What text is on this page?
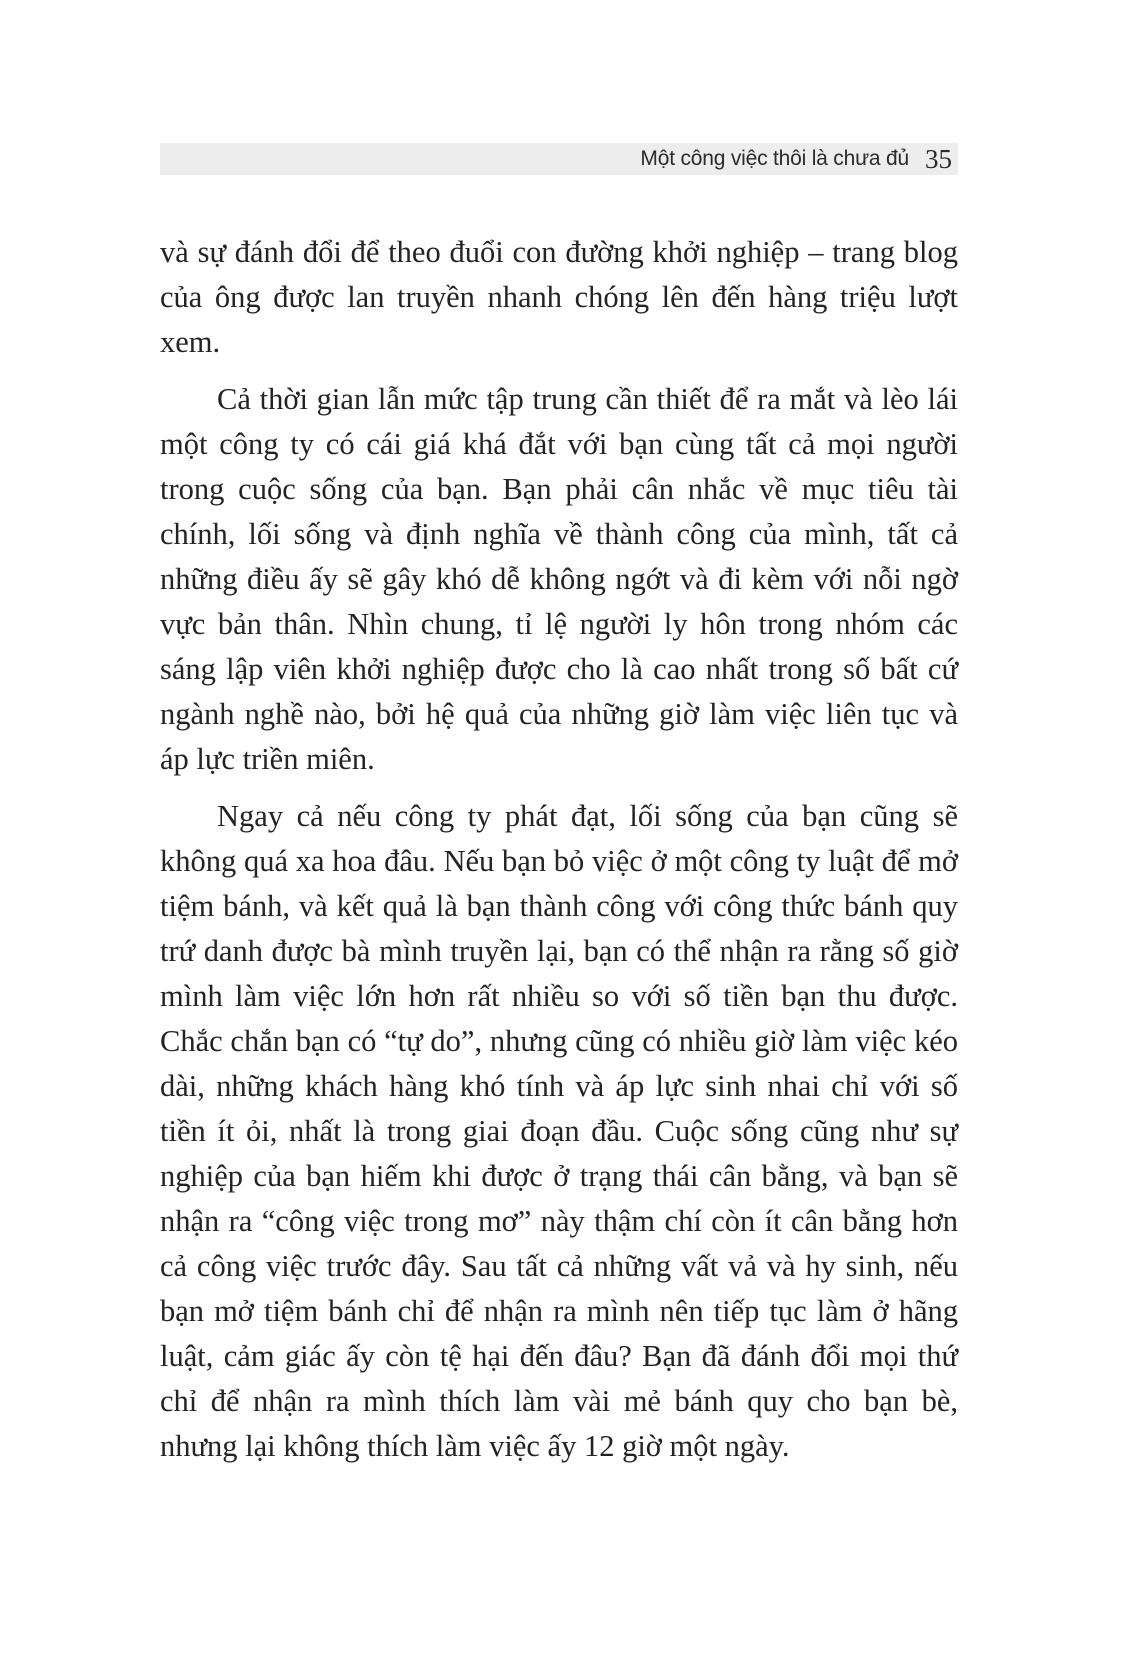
Một công việc thôi là chưa đủ 35

và sự đánh đổi để theo đuổi con đường khởi nghiệp – trang blog của ông được lan truyền nhanh chóng lên đến hàng triệu lượt xem.

Cả thời gian lẫn mức tập trung cần thiết để ra mắt và lèo lái một công ty có cái giá khá đắt với bạn cùng tất cả mọi người trong cuộc sống của bạn. Bạn phải cân nhắc về mục tiêu tài chính, lối sống và định nghĩa về thành công của mình, tất cả những điều ấy sẽ gây khó dễ không ngớt và đi kèm với nỗi ngờ vực bản thân. Nhìn chung, tỉ lệ người ly hôn trong nhóm các sáng lập viên khởi nghiệp được cho là cao nhất trong số bất cứ ngành nghề nào, bởi hệ quả của những giờ làm việc liên tục và áp lực triền miên.

Ngay cả nếu công ty phát đạt, lối sống của bạn cũng sẽ không quá xa hoa đâu. Nếu bạn bỏ việc ở một công ty luật để mở tiệm bánh, và kết quả là bạn thành công với công thức bánh quy trứ danh được bà mình truyền lại, bạn có thể nhận ra rằng số giờ mình làm việc lớn hơn rất nhiều so với số tiền bạn thu được. Chắc chắn bạn có “tự do”, nhưng cũng có nhiều giờ làm việc kéo dài, những khách hàng khó tính và áp lực sinh nhai chỉ với số tiền ít ỏi, nhất là trong giai đoạn đầu. Cuộc sống cũng như sự nghiệp của bạn hiếm khi được ở trạng thái cân bằng, và bạn sẽ nhận ra “công việc trong mơ” này thậm chí còn ít cân bằng hơn cả công việc trước đây. Sau tất cả những vất vả và hy sinh, nếu bạn mở tiệm bánh chỉ để nhận ra mình nên tiếp tục làm ở hãng luật, cảm giác ấy còn tệ hại đến đâu? Bạn đã đánh đổi mọi thứ chỉ để nhận ra mình thích làm vài mẻ bánh quy cho bạn bè, nhưng lại không thích làm việc ấy 12 giờ một ngày.
